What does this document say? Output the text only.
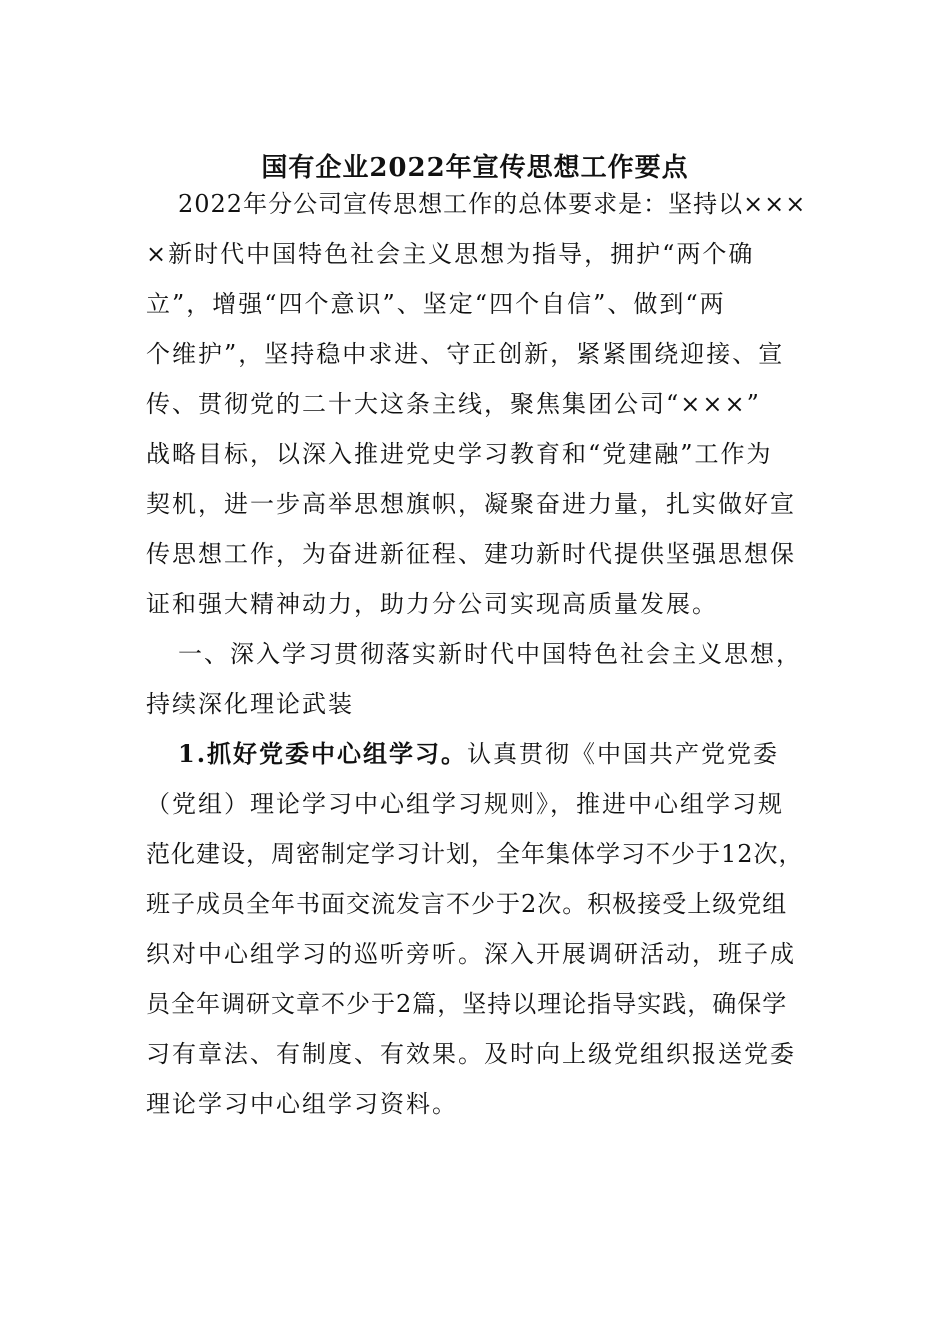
国有企业2022年宣传思想工作要点
2022年分公司宣传思想工作的总体要求是：坚持以×××
×新时代中国特色社会主义思想为指导，拥护“两个确
立”，增强“四个意识”、坚定“四个自信”、做到“两
个维护”，坚持稳中求进、守正创新，紧紧围绕迎接、宣
传、贯彻党的二十大这条主线，聚焦集团公司“×××”
战略目标，以深入推进党史学习教育和“党建融”工作为
契机，进一步高举思想旗帜，凝聚奋进力量，扎实做好宣
传思想工作，为奋进新征程、建功新时代提供坚强思想保
证和强大精神动力，助力分公司实现高质量发展。
一、深入学习贯彻落实新时代中国特色社会主义思想，
持续深化理论武装
1.抓好党委中心组学习。认真贯彻《中国共产党党委
（党组）理论学习中心组学习规则》，推进中心组学习规
范化建设，周密制定学习计划，全年集体学习不少于12次，
班子成员全年书面交流发言不少于2次。积极接受上级党组
织对中心组学习的巡听旁听。深入开展调研活动，班子成
员全年调研文章不少于2篇，坚持以理论指导实践，确保学
习有章法、有制度、有效果。及时向上级党组织报送党委
理论学习中心组学习资料。
